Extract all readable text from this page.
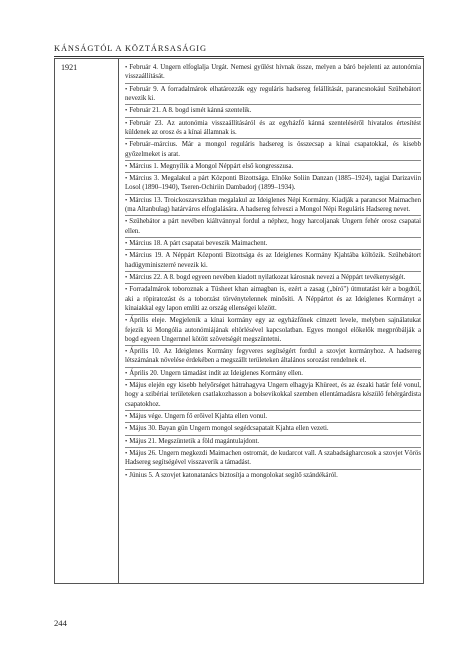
KÁNSÁGTÓL A KÖZTÁRSASÁGIG
1921	• Február 4. Ungern elfoglalja Urgát. Nemesi gyűlést hívnak össze, melyen a báró bejelenti az autonómia visszaállítását.
• Február 9. A forradalmárok elhatározzák egy reguláris hadsereg felállítását, parancsnokául Szühebátort nevezik ki.
• Február 21. A 8. bogd ismét kánná szentelik.
• Február 23. Az autonómia visszaállításáról és az egyházfő kánná szenteléséről hivatalos értesítést küldenek az orosz és a kínai államnak is.
• Február–március. Már a mongol reguláris hadsereg is összecsap a kínai csapatokkal, és kisebb győzelmeket is arat.
• Március 1. Megnyílik a Mongol Néppárt első kongresszusa.
• Március 3. Megalakul a párt Központi Bizottsága. Elnöke Soliin Danzan (1885–1924), tagjai Darizaviin Losol (1890–1940), Tseren-Ochiriin Dambadorj (1899–1934).
• Március 13. Troickoszavszkban megalakul az Ideiglenes Népi Kormány. Kiadják a parancsot Maimachen (ma Altanbulag) határváros elfoglalására. A hadsereg felveszi a Mongol Népi Reguláris Hadsereg nevet.
• Szühebátor a párt nevében kiáltvánnyal fordul a néphez, hogy harcoljanak Ungern fehér orosz csapatai ellen.
• Március 18. A párt csapatai beveszik Maimachent.
• Március 19. A Néppárt Központi Bizottsága és az Ideiglenes Kormány Kjahtába költözik. Szühebátort hadügyminiszterré nevezik ki.
• Március 22. A 8. bogd egyeen nevében kiadott nyilatkozat károsnak nevezi a Néppárt tevékenységét.
• Forradalmárok toboroznak a Tüsheet khan aimagban is, ezért a zasag („bíró") útmutatást kér a bogdtól, aki a röpiratozást és a toborzást törvénytelennek minősíti. A Néppártot és az Ideiglenes Kormányt a kínaiakkal egy lapon említi az ország ellenségei között.
• Április eleje. Megjelenik a kínai kormány egy az egyházfőnek címzett levele, melyben sajnálatukat fejezik ki Mongólia autonómiájának eltörlésével kapcsolatban. Egyes mongol előkelők megpróbálják a bogd egyeen Ungernnel kötött szövetségét megszüntetni.
• Április 10. Az Ideiglenes Kormány fegyveres segítségért fordul a szovjet kormányhoz. A hadsereg létszámának növelése érdekében a megszállt területeken általános sorozást rendelnek el.
• Április 20. Ungern támadást indít az Ideiglenes Kormány ellen.
• Május elején egy kisebb helyőrséget hátrahagyva Ungern elhagyja Khüreet, és az északi határ felé vonul, hogy a szibériai területeken csatlakozhasson a bolsevikokkal szemben ellentámadásra készülő fehérgárdista csapatokhoz.
• Május vége. Ungern fő erőivel Kjahta ellen vonul.
• Május 30. Bayan gün Ungern mongol segédcsapatait Kjahta ellen vezeti.
• Május 21. Megszüntetik a föld magántulajdont.
• Május 26. Ungern megkezdi Maimachen ostromát, de kudarcot vall. A szabadságharcosok a szovjet Vörös Hadsereg segítségével visszaverik a támadást.
• Június 5. A szovjet katonatanács biztosítja a mongolokat segítő szándékáról.
244
